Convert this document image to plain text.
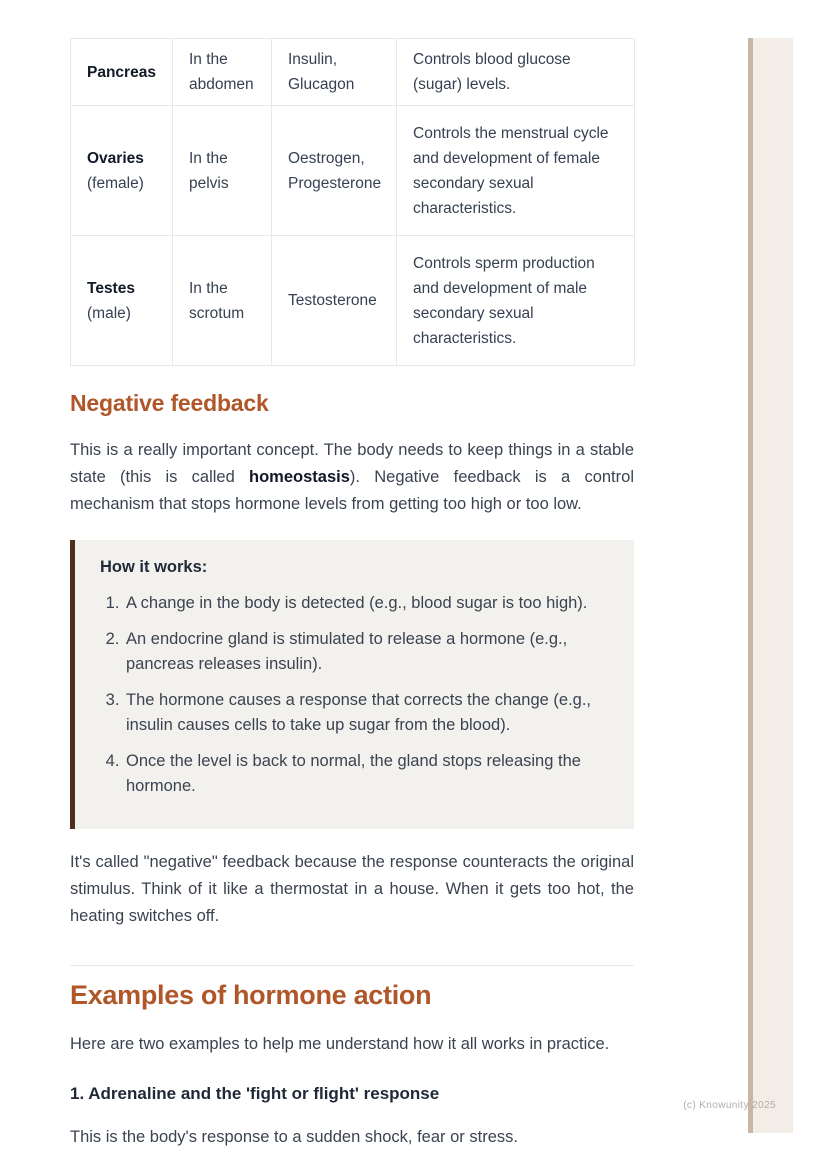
Pancreas	In the abdomen	Insulin, Glucagon	Controls blood glucose (sugar) levels.
Ovaries (female)	In the pelvis	Oestrogen, Progesterone	Controls the menstrual cycle and development of female secondary sexual characteristics.
Testes (male)	In the scrotum	Testosterone	Controls sperm production and development of male secondary sexual characteristics.
Negative feedback

This is a really important concept. The body needs to keep things in a stable state (this is called homeostasis). Negative feedback is a control mechanism that stops hormone levels from getting too high or too low.

How it works:

1. A change in the body is detected (e.g., blood sugar is too high).
2. An endocrine gland is stimulated to release a hormone (e.g., pancreas releases insulin).
3. The hormone causes a response that corrects the change (e.g., insulin causes cells to take up sugar from the blood).
4. Once the level is back to normal, the gland stops releasing the hormone.

It's called "negative" feedback because the response counteracts the original stimulus. Think of it like a thermostat in a house. When it gets too hot, the heating switches off.

Examples of hormone action

Here are two examples to help me understand how it all works in practice.

1. Adrenaline and the 'fight or flight' response

This is the body's response to a sudden shock, fear or stress.

(c) Knowunity 2025
